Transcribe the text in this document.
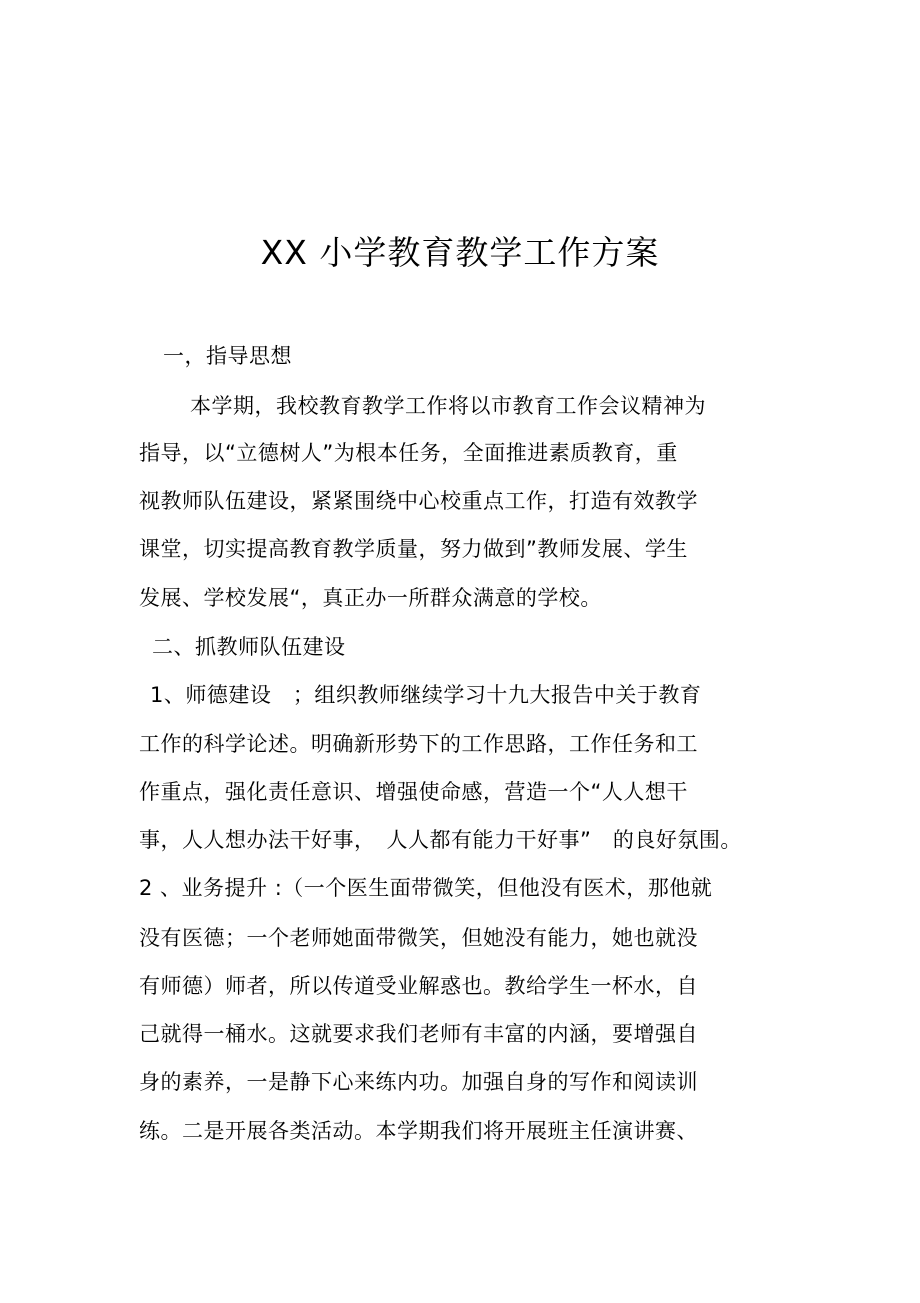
XX 小学教育教学工作方案
一，指导思想
本学期，我校教育教学工作将以市教育工作会议精神为
指导，以“立德树人”为根本任务，全面推进素质教育，重
视教师队伍建设，紧紧围绕中心校重点工作，打造有效教学
课堂，切实提高教育教学质量，努力做到”教师发展、学生
发展、学校发展“，真正办一所群众满意的学校。
二、抓教师队伍建设
1、师德建设　；组织教师继续学习十九大报告中关于教育
工作的科学论述。明确新形势下的工作思路，工作任务和工
作重点，强化责任意识、增强使命感，营造一个“人人想干
事，人人想办法干好事，　人人都有能力干好事”　的良好氛围。
2 、业务提升 :（一个医生面带微笑，但他没有医术，那他就
没有医德；一个老师她面带微笑，但她没有能力，她也就没
有师德）师者，所以传道受业解惑也。教给学生一杯水，自
己就得一桶水。这就要求我们老师有丰富的内涵，要增强自
身的素养，一是静下心来练内功。加强自身的写作和阅读训
练。二是开展各类活动。本学期我们将开展班主任演讲赛、
